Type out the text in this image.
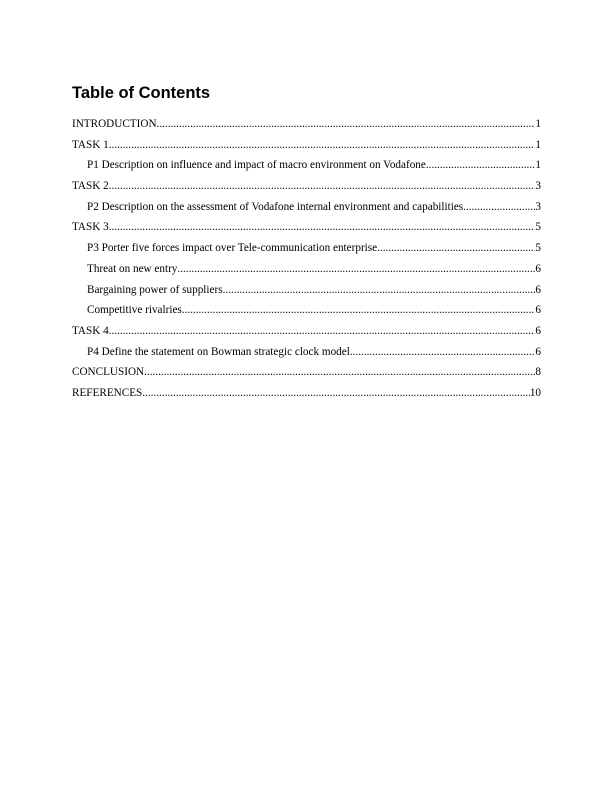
Table of Contents
INTRODUCTION .....	1
TASK 1 .....	1
P1 Description on influence and impact of macro environment on Vodafone .....	1
TASK 2 .....	3
P2 Description on the assessment of Vodafone internal environment and capabilities. .....	3
TASK 3 .....	5
P3 Porter five forces impact over Tele-communication enterprise. .....	5
Threat on new entry .....	6
Bargaining power of suppliers .....	6
Competitive rivalries .....	6
TASK 4 .....	6
P4 Define the statement on Bowman strategic clock model .....	6
CONCLUSION .....	8
REFERENCES .....	10
